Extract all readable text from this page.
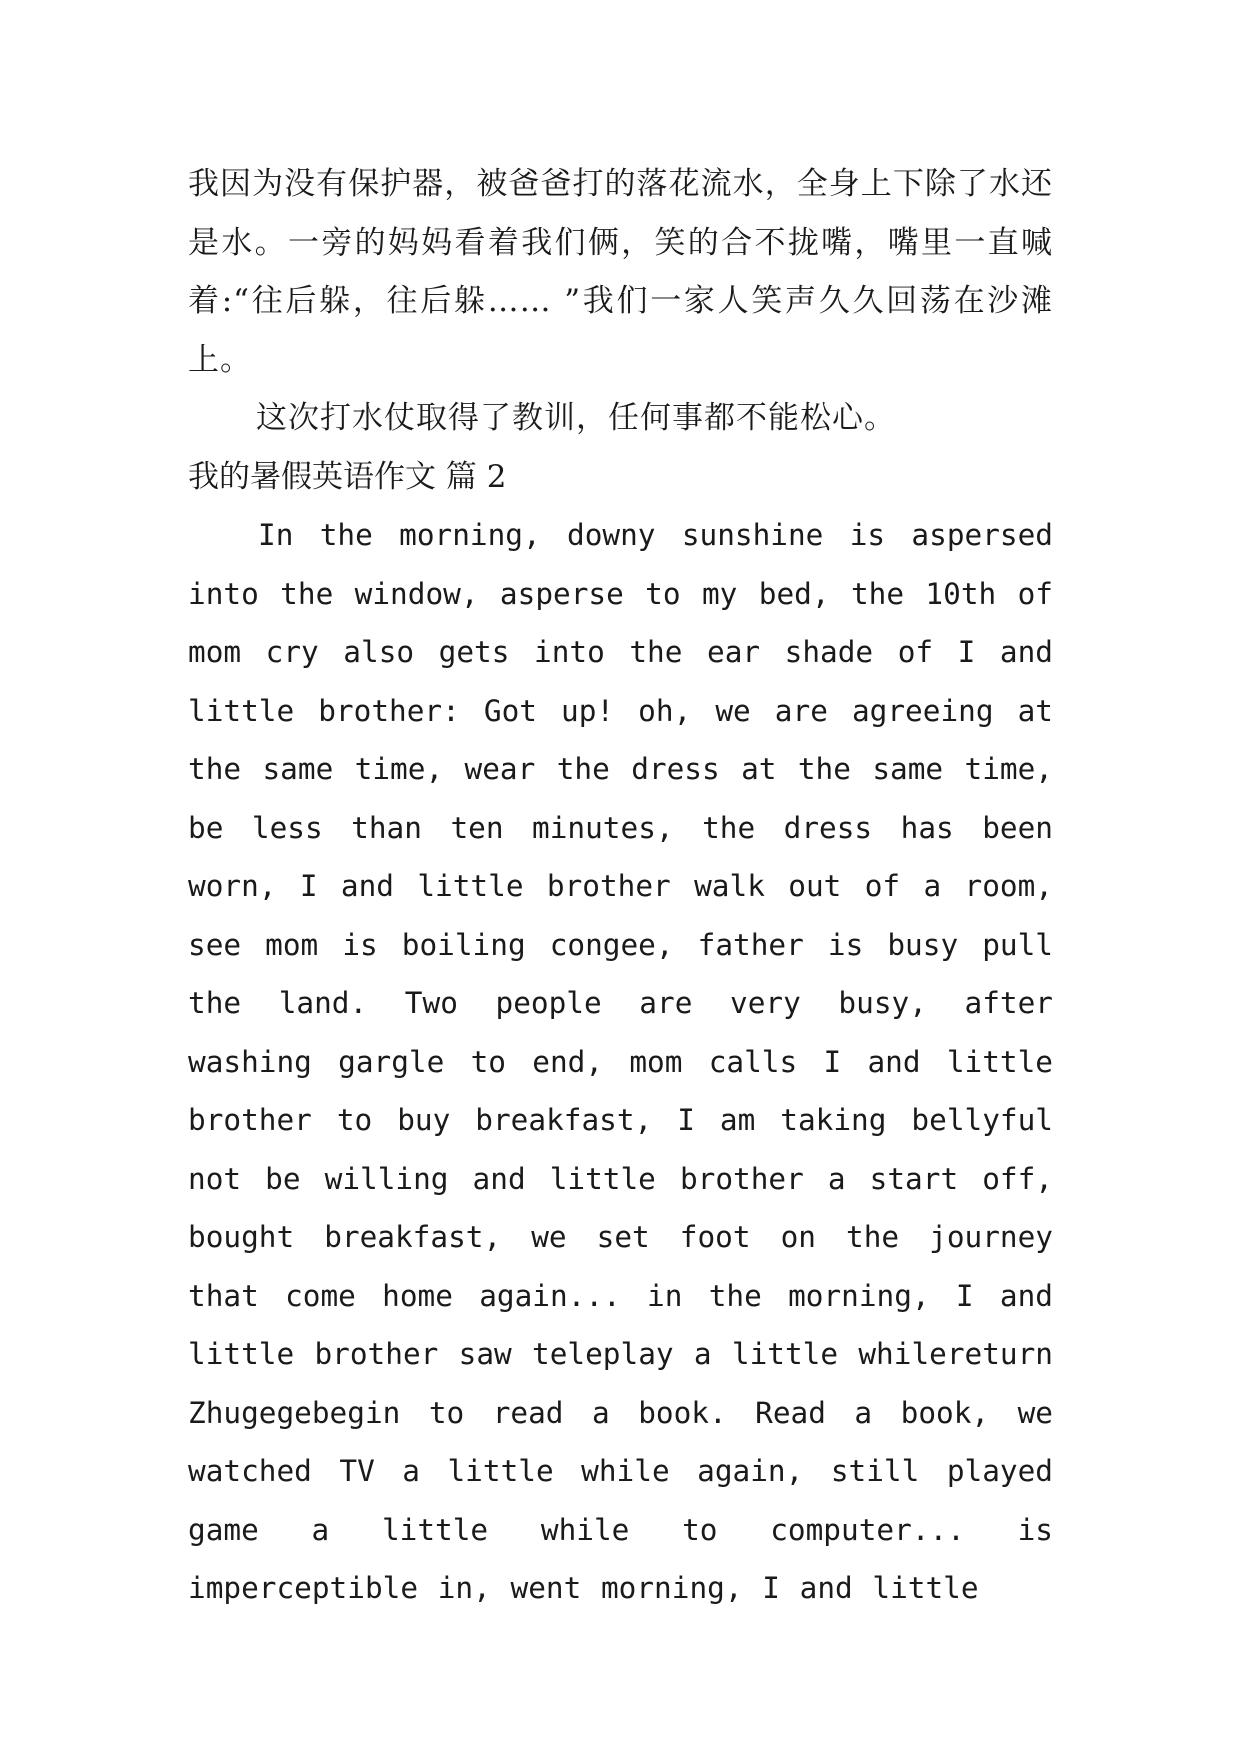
我因为没有保护器，被爸爸打的落花流水，全身上下除了水还是水。一旁的妈妈看着我们俩，笑的合不拢嘴，嘴里一直喊着:“往后躲，往后躲…… ”我们一家人笑声久久回荡在沙滩上。

这次打水仗取得了教训，任何事都不能松心。

我的暑假英语作文 篇 2

In the morning, downy sunshine is aspersed into the window, asperse to my bed, the 10th of mom cry also gets into the ear shade of I and little brother: Got up! oh, we are agreeing at the same time, wear the dress at the same time, be less than ten minutes, the dress has been worn, I and little brother walk out of a room, see mom is boiling congee, father is busy pull the land. Two people are very busy, after washing gargle to end, mom calls I and little brother to buy breakfast, I am taking bellyful not be willing and little brother a start off, bought breakfast, we set foot on the journey that come home again... in the morning, I and little brother saw teleplay a little whilereturn Zhugegebegin to read a book. Read a book, we watched TV a little while again, still played game a little while to computer... is imperceptible in, went morning, I and little
